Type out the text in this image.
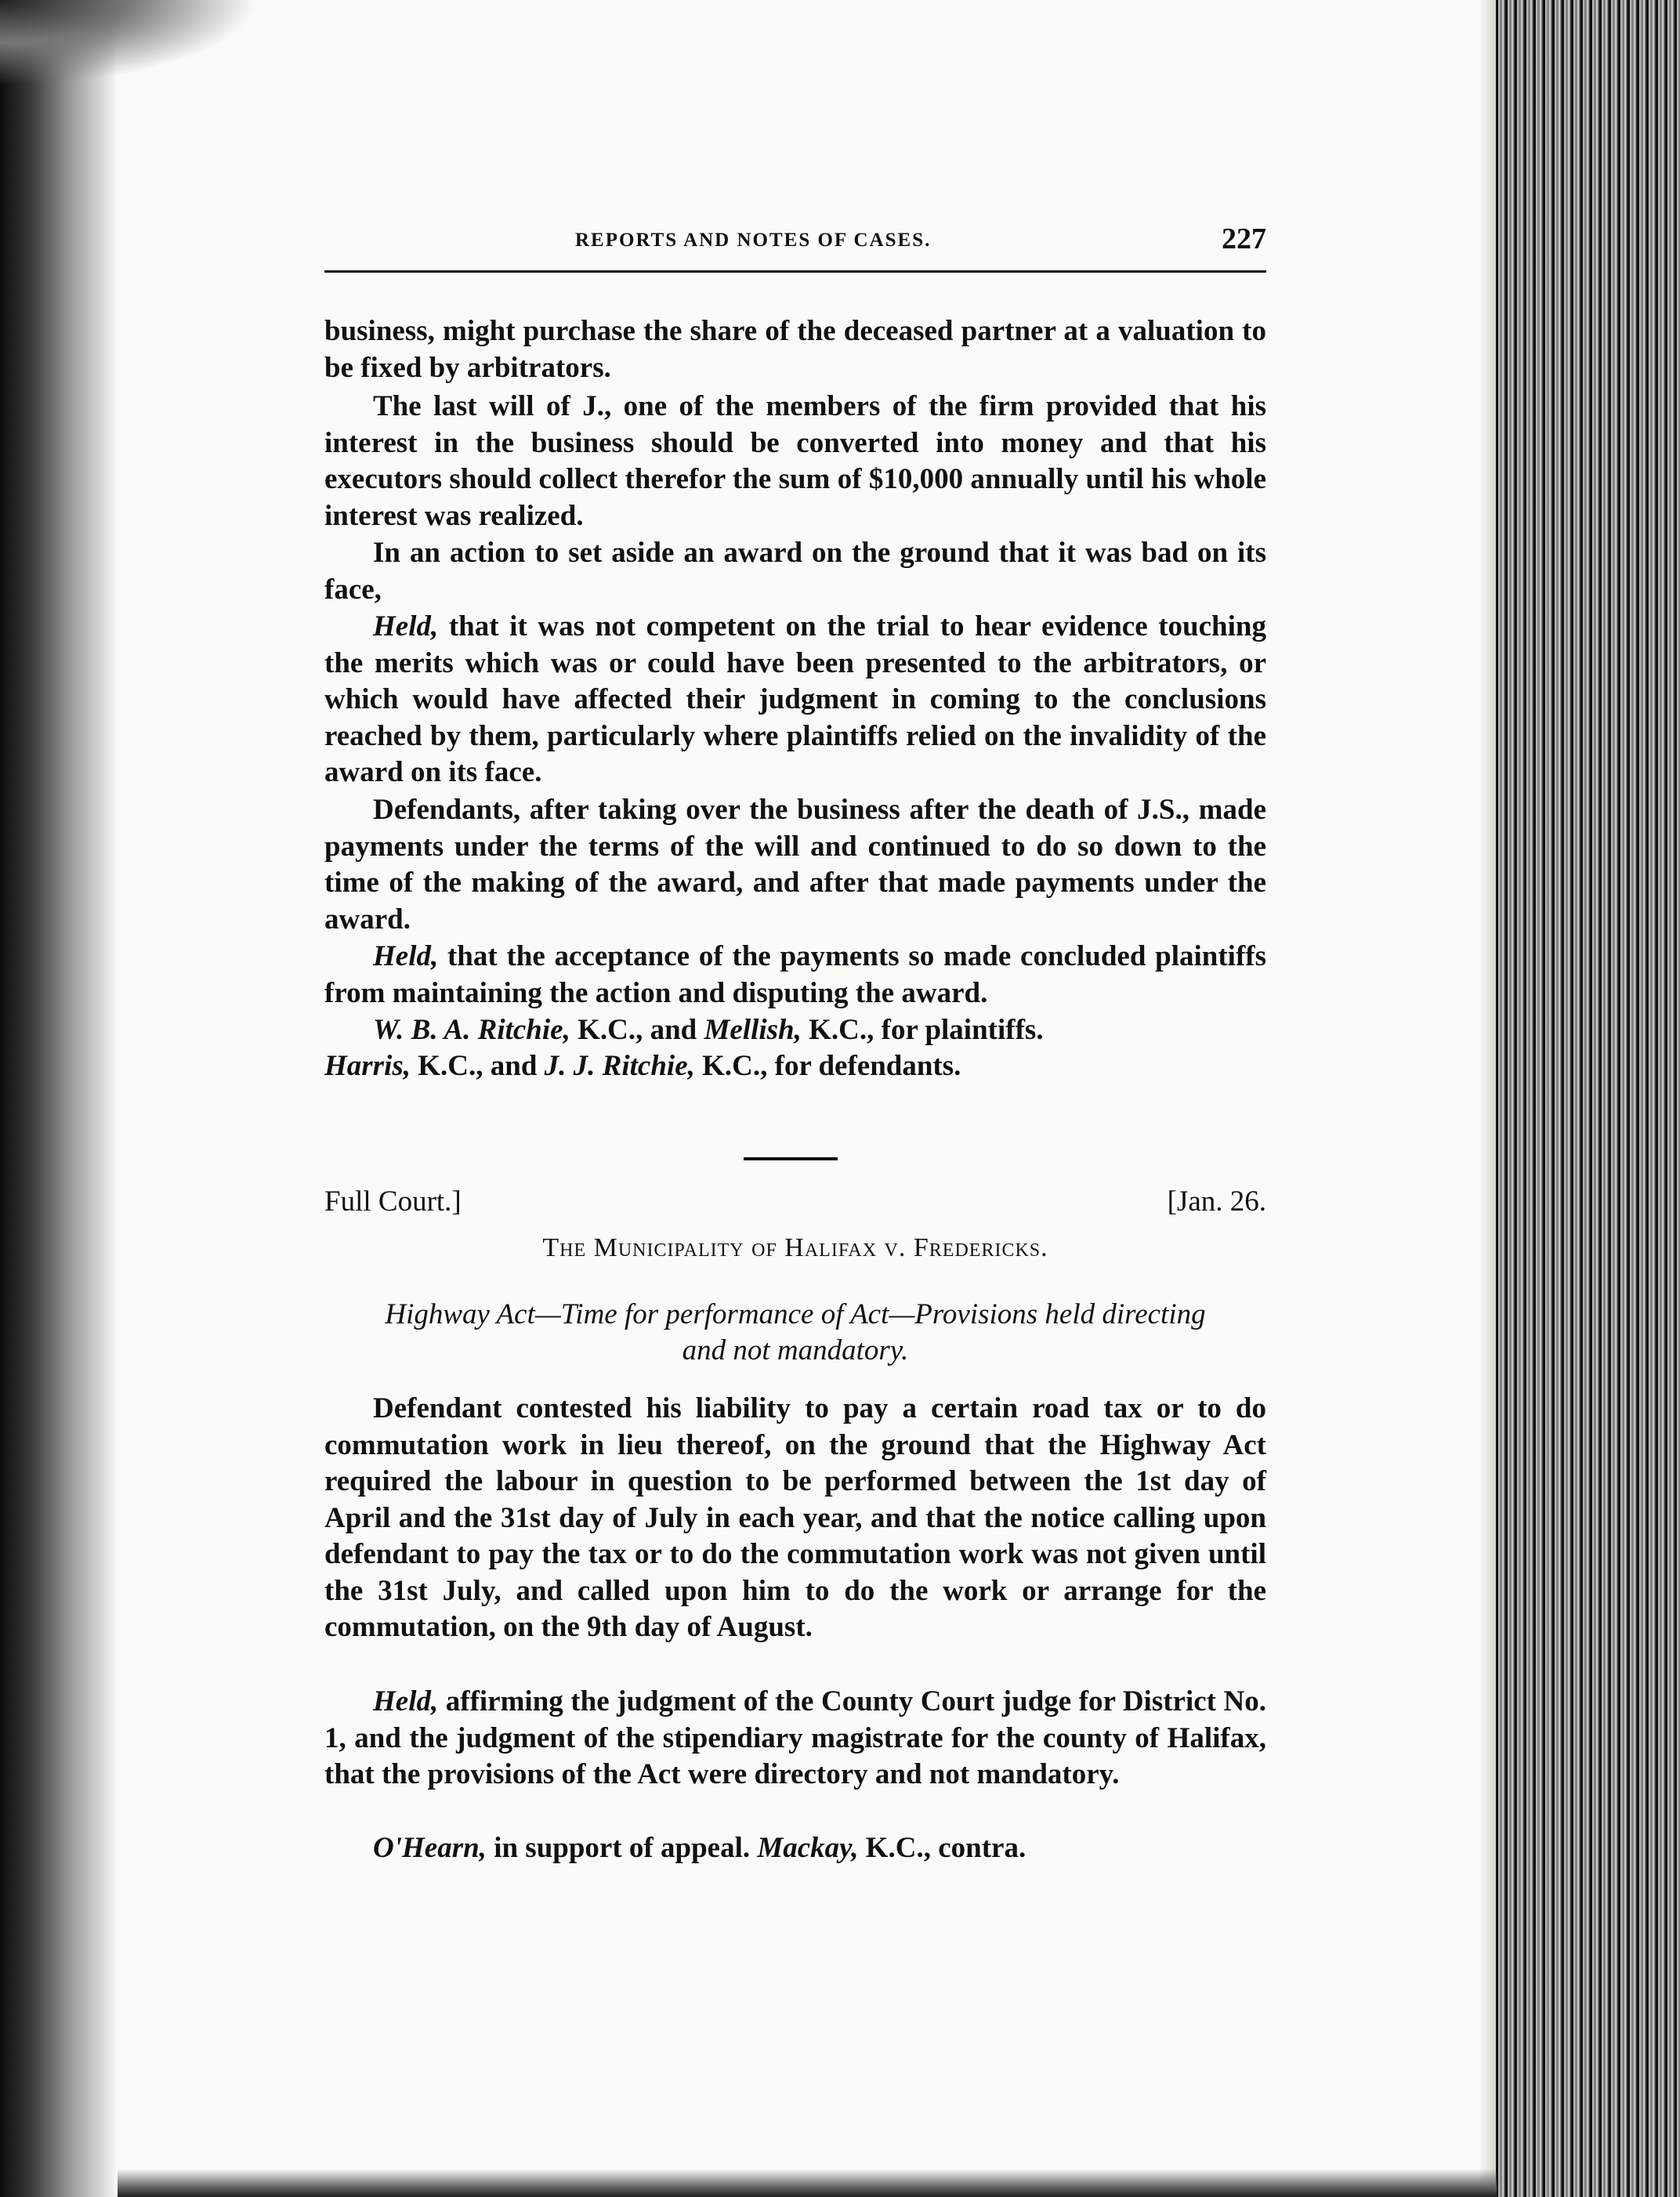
REPORTS AND NOTES OF CASES.	227

business, might purchase the share of the deceased partner at a valuation to be fixed by arbitrators.

The last will of J., one of the members of the firm provided that his interest in the business should be converted into money and that his executors should collect therefor the sum of $10,000 annually until his whole interest was realized.

In an action to set aside an award on the ground that it was bad on its face,

Held, that it was not competent on the trial to hear evidence touching the merits which was or could have been presented to the arbitrators, or which would have affected their judgment in coming to the conclusions reached by them, particularly where plaintiffs relied on the invalidity of the award on its face.

Defendants, after taking over the business after the death of J.S., made payments under the terms of the will and continued to do so down to the time of the making of the award, and after that made payments under the award.

Held, that the acceptance of the payments so made concluded plaintiffs from maintaining the action and disputing the award.

W. B. A. Ritchie, K.C., and Mellish, K.C., for plaintiffs.

Harris, K.C., and J. J. Ritchie, K.C., for defendants.

Full Court.]	[Jan. 26.
The Municipality of Halifax v. Fredericks.
Highway Act—Time for performance of Act—Provisions held directing and not mandatory.

Defendant contested his liability to pay a certain road tax or to do commutation work in lieu thereof, on the ground that the Highway Act required the labour in question to be performed between the 1st day of April and the 31st day of July in each year, and that the notice calling upon defendant to pay the tax or to do the commutation work was not given until the 31st July, and called upon him to do the work or arrange for the commutation, on the 9th day of August.

Held, affirming the judgment of the County Court judge for District No. 1, and the judgment of the stipendiary magistrate for the county of Halifax, that the provisions of the Act were directory and not mandatory.

O'Hearn, in support of appeal. Mackay, K.C., contra.
